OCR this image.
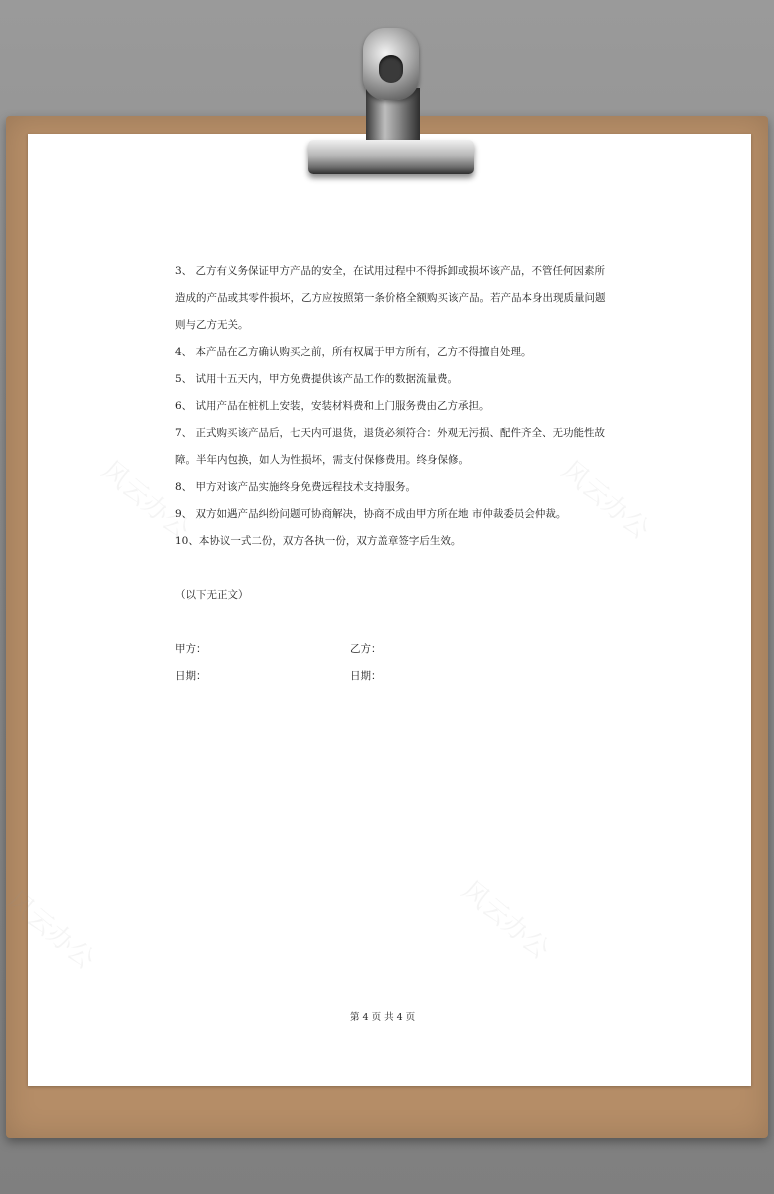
风云办公	风云办公
风云办公	风云办公
3、 乙方有义务保证甲方产品的安全，在试用过程中不得拆卸或损坏该产品，不管任何因素所
造成的产品或其零件损坏，乙方应按照第一条价格全额购买该产品。若产品本身出现质量问题
则与乙方无关。
4、 本产品在乙方确认购买之前，所有权属于甲方所有，乙方不得擅自处理。
5、 试用十五天内，甲方免费提供该产品工作的数据流量费。
6、 试用产品在桩机上安装，安装材料费和上门服务费由乙方承担。
7、 正式购买该产品后，七天内可退货，退货必须符合：外观无污损、配件齐全、无功能性故
障。半年内包换，如人为性损坏，需支付保修费用。终身保修。
8、 甲方对该产品实施终身免费远程技术支持服务。
9、 双方如遇产品纠纷问题可协商解决，协商不成由甲方所在地 市仲裁委员会仲裁。
10、本协议一式二份，双方各执一份，双方盖章签字后生效。
（以下无正文）
甲方：	乙方：
日期：	日期：
第 4 页 共 4 页
